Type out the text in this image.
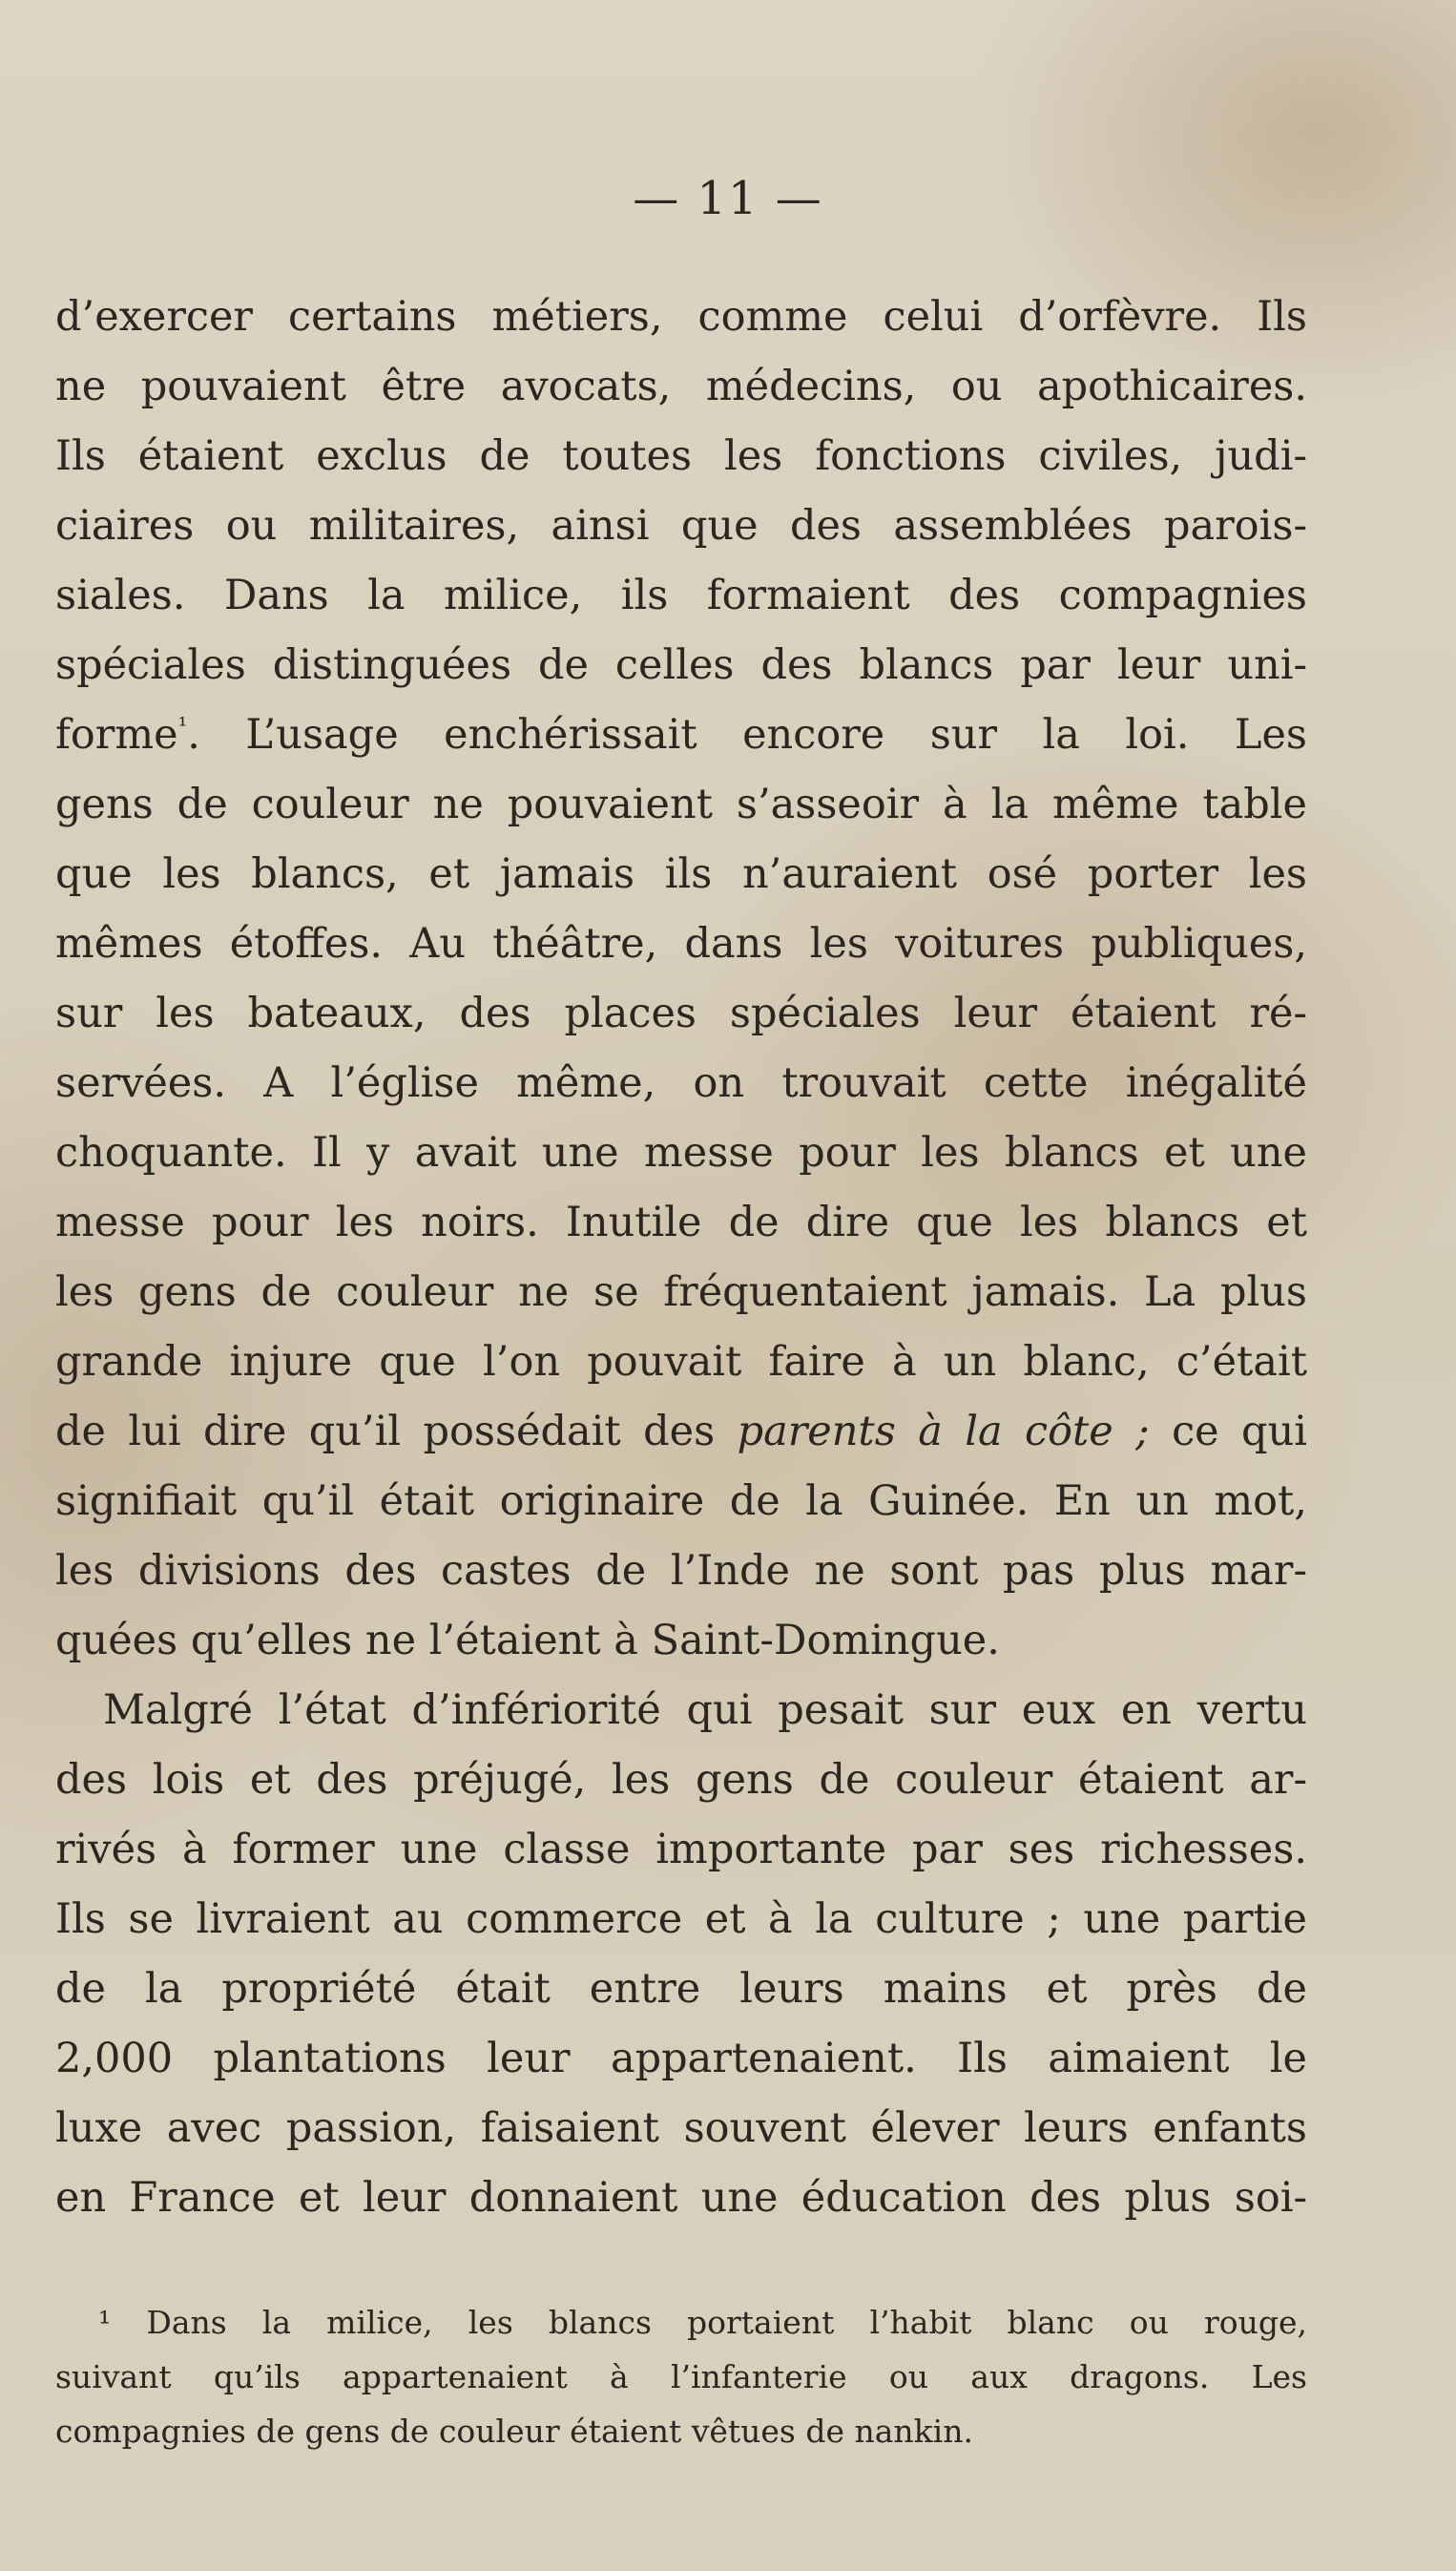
— 11 —
d’exercer certains métiers, comme celui d’orfèvre. Ils
ne pouvaient être avocats, médecins, ou apothicaires.
Ils étaient exclus de toutes les fonctions civiles, judi-
ciaires ou militaires, ainsi que des assemblées parois-
siales. Dans la milice, ils formaient des compagnies
spéciales distinguées de celles des blancs par leur uni-
forme$^{^1}$. L’usage enchérissait encore sur la loi. Les
gens de couleur ne pouvaient s’asseoir à la même table
que les blancs, et jamais ils n’auraient osé porter les
mêmes étoffes. Au théâtre, dans les voitures publiques,
sur les bateaux, des places spéciales leur étaient ré-
servées. A l’église même, on trouvait cette inégalité
choquante. Il y avait une messe pour les blancs et une
messe pour les noirs. Inutile de dire que les blancs et
les gens de couleur ne se fréquentaient jamais. La plus
grande injure que l’on pouvait faire à un blanc, c’était
de lui dire qu’il possédait des parents à la côte ; ce qui
signifiait qu’il était originaire de la Guinée. En un mot,
les divisions des castes de l’Inde ne sont pas plus mar-
quées qu’elles ne l’étaient à Saint-Domingue.
Malgré l’état d’infériorité qui pesait sur eux en vertu
des lois et des préjugé, les gens de couleur étaient ar-
rivés à former une classe importante par ses richesses.
Ils se livraient au commerce et à la culture ; une partie
de la propriété était entre leurs mains et près de
2,000 plantations leur appartenaient. Ils aimaient le
luxe avec passion, faisaient souvent élever leurs enfants
en France et leur donnaient une éducation des plus soi-
¹ Dans la milice, les blancs portaient l’habit blanc ou rouge,
suivant qu’ils appartenaient à l’infanterie ou aux dragons. Les
compagnies de gens de couleur étaient vêtues de nankin.
